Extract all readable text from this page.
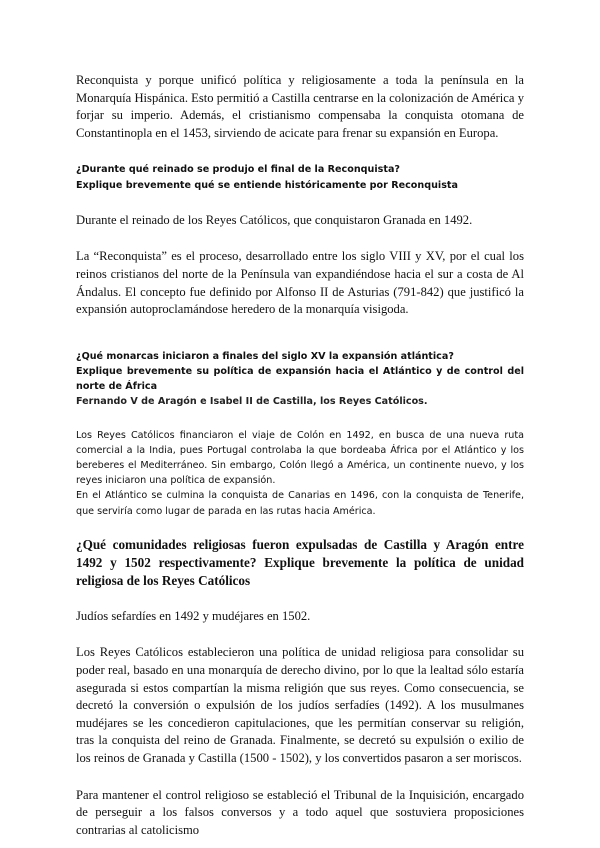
Reconquista y porque unificó política y religiosamente a toda la península en la Monarquía Hispánica. Esto permitió a Castilla centrarse en la colonización de América y forjar su imperio. Además, el cristianismo compensaba la conquista otomana de Constantinopla en el 1453, sirviendo de acicate para frenar su expansión en Europa.

¿Durante qué reinado se produjo el final de la Reconquista?

Explique brevemente qué se entiende históricamente por Reconquista

Durante el reinado de los Reyes Católicos, que conquistaron Granada en 1492.

La “Reconquista” es el proceso, desarrollado entre los siglo VIII y XV, por el cual los reinos cristianos del norte de la Península van expandiéndose hacia el sur a costa de Al Ándalus. El concepto fue definido por Alfonso II de Asturias (791-842) que justificó la expansión autoproclamándose heredero de la monarquía visigoda.

¿Qué monarcas iniciaron a finales del siglo XV la expansión atlántica?

Explique brevemente su política de expansión hacia el Atlántico y de control del norte de África

Fernando V de Aragón e Isabel II de Castilla, los Reyes Católicos.

Los Reyes Católicos financiaron el viaje de Colón en 1492, en busca de una nueva ruta comercial a la India, pues Portugal controlaba la que bordeaba África por el Atlántico y los bereberes el Mediterráneo. Sin embargo, Colón llegó a América, un continente nuevo, y los reyes iniciaron una política de expansión.

En el Atlántico se culmina la conquista de Canarias en 1496, con la conquista de Tenerife, que serviría como lugar de parada en las rutas hacia América.

¿Qué comunidades religiosas fueron expulsadas de Castilla y Aragón entre 1492 y 1502 respectivamente? Explique brevemente la política de unidad religiosa de los Reyes Católicos

Judíos sefardíes en 1492 y mudéjares en 1502.

Los Reyes Católicos establecieron una política de unidad religiosa para consolidar su poder real, basado en una monarquía de derecho divino, por lo que la lealtad sólo estaría asegurada si estos compartían la misma religión que sus reyes. Como consecuencia, se decretó la conversión o expulsión de los judíos serfadíes (1492). A los musulmanes mudéjares se les concedieron capitulaciones, que les permitían conservar su religión, tras la conquista del reino de Granada. Finalmente, se decretó su expulsión o exilio de los reinos de Granada y Castilla (1500 - 1502), y los convertidos pasaron a ser moriscos.

Para mantener el control religioso se estableció el Tribunal de la Inquisición, encargado de perseguir a los falsos conversos y a todo aquel que sostuviera proposiciones contrarias al catolicismo
